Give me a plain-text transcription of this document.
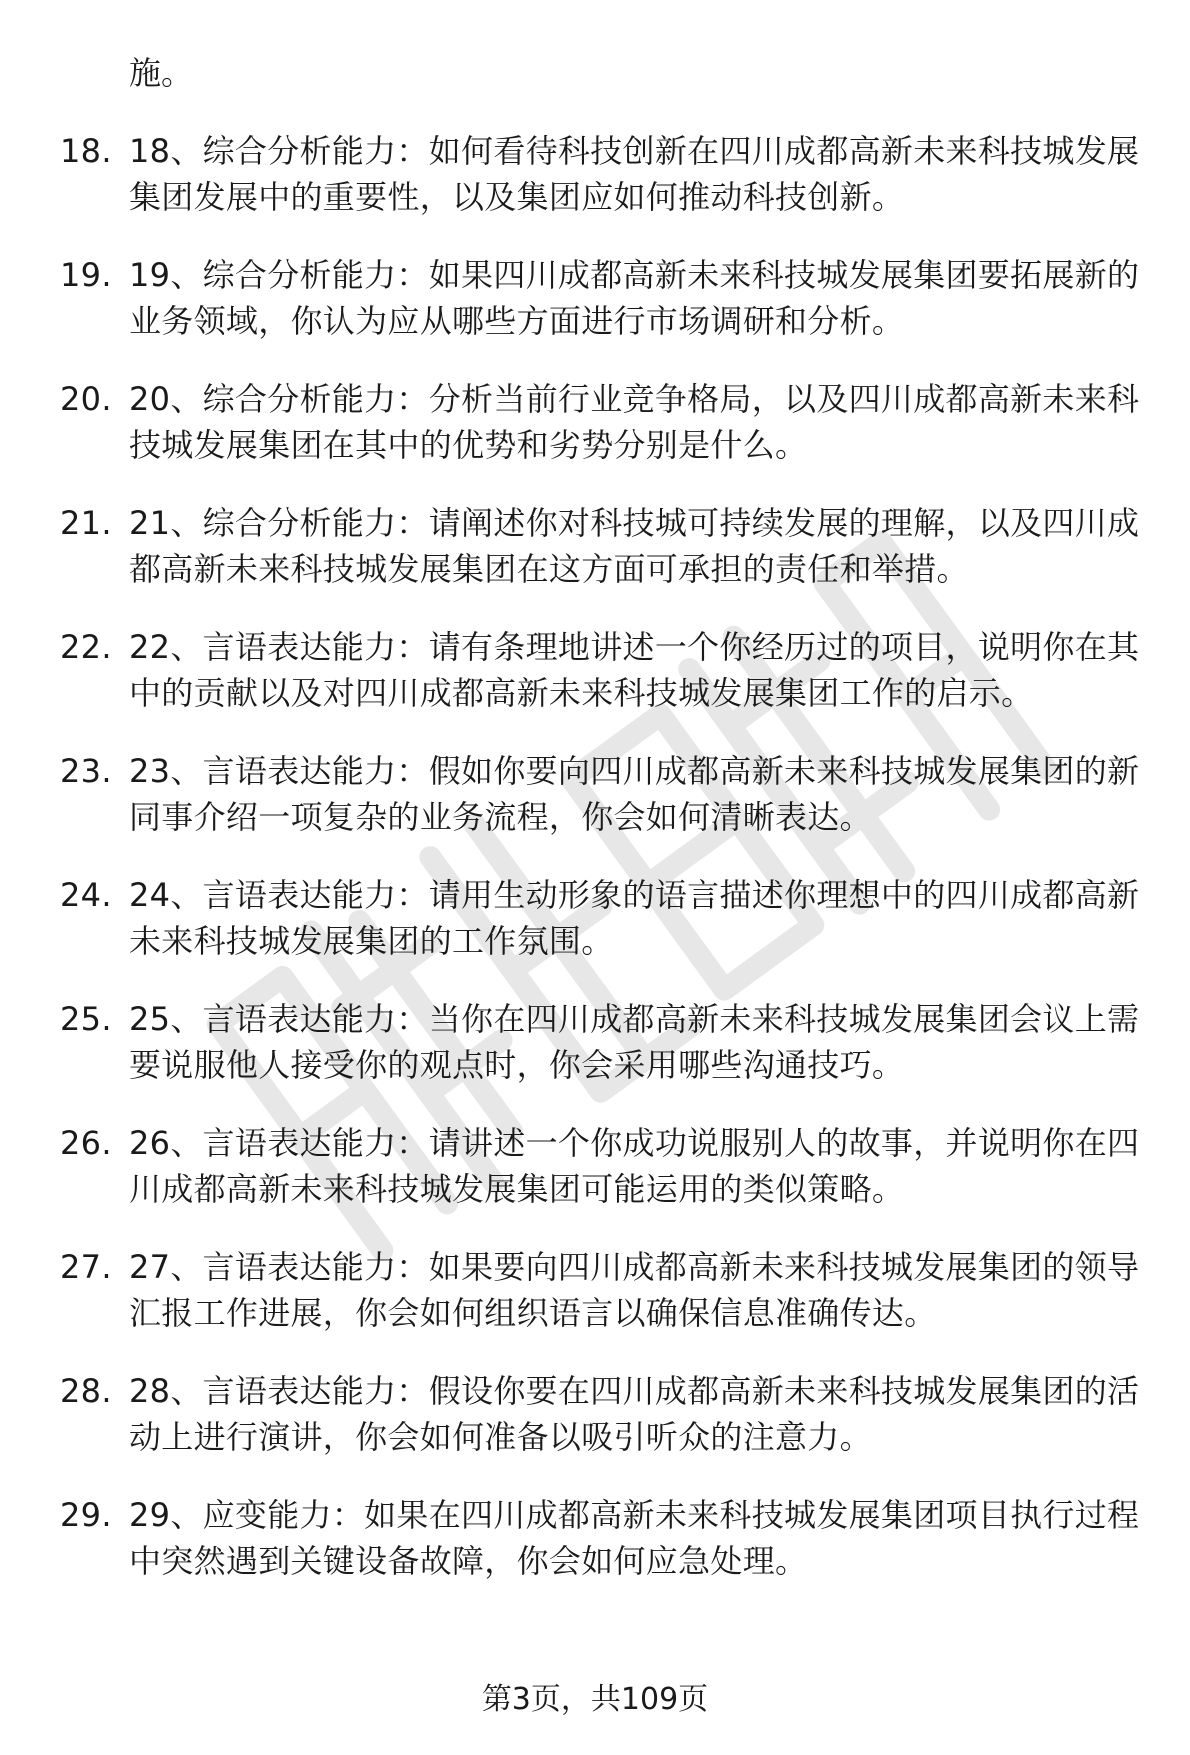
施。
18. 18、综合分析能力：如何看待科技创新在四川成都高新未来科技城发展集团发展中的重要性，以及集团应如何推动科技创新。
19. 19、综合分析能力：如果四川成都高新未来科技城发展集团要拓展新的业务领域，你认为应从哪些方面进行市场调研和分析。
20. 20、综合分析能力：分析当前行业竞争格局，以及四川成都高新未来科技城发展集团在其中的优势和劣势分别是什么。
21. 21、综合分析能力：请阐述你对科技城可持续发展的理解，以及四川成都高新未来科技城发展集团在这方面可承担的责任和举措。
22. 22、言语表达能力：请有条理地讲述一个你经历过的项目，说明你在其中的贡献以及对四川成都高新未来科技城发展集团工作的启示。
23. 23、言语表达能力：假如你要向四川成都高新未来科技城发展集团的新同事介绍一项复杂的业务流程，你会如何清晰表达。
24. 24、言语表达能力：请用生动形象的语言描述你理想中的四川成都高新未来科技城发展集团的工作氛围。
25. 25、言语表达能力：当你在四川成都高新未来科技城发展集团会议上需要说服他人接受你的观点时，你会采用哪些沟通技巧。
26. 26、言语表达能力：请讲述一个你成功说服别人的故事，并说明你在四川成都高新未来科技城发展集团可能运用的类似策略。
27. 27、言语表达能力：如果要向四川成都高新未来科技城发展集团的领导汇报工作进展，你会如何组织语言以确保信息准确传达。
28. 28、言语表达能力：假设你要在四川成都高新未来科技城发展集团的活动上进行演讲，你会如何准备以吸引听众的注意力。
29. 29、应变能力：如果在四川成都高新未来科技城发展集团项目执行过程中突然遇到关键设备故障，你会如何应急处理。
第3页，共109页
